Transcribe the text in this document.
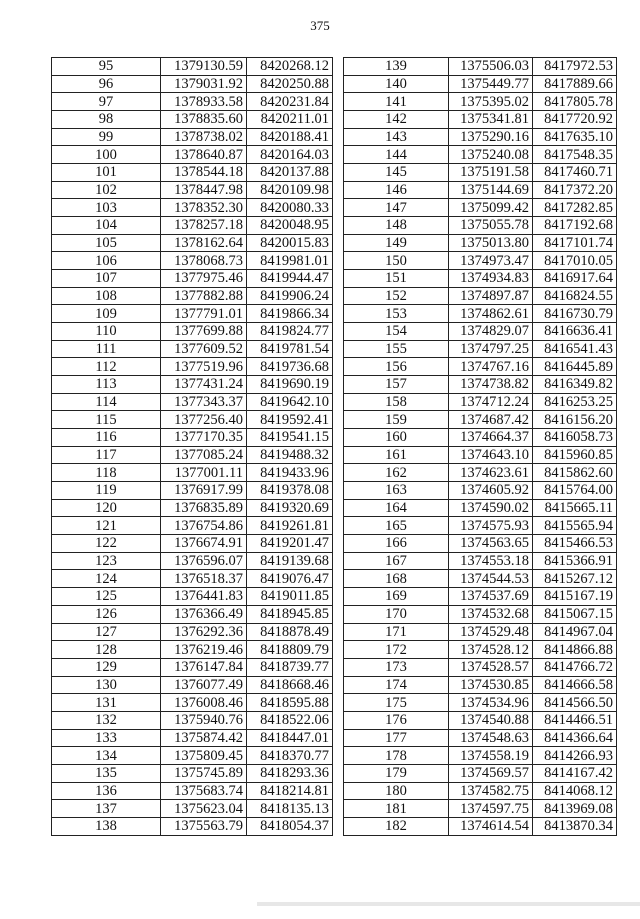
375
95	1379130.59	8420268.12
96	1379031.92	8420250.88
97	1378933.58	8420231.84
98	1378835.60	8420211.01
99	1378738.02	8420188.41
100	1378640.87	8420164.03
101	1378544.18	8420137.88
102	1378447.98	8420109.98
103	1378352.30	8420080.33
104	1378257.18	8420048.95
105	1378162.64	8420015.83
106	1378068.73	8419981.01
107	1377975.46	8419944.47
108	1377882.88	8419906.24
109	1377791.01	8419866.34
110	1377699.88	8419824.77
111	1377609.52	8419781.54
112	1377519.96	8419736.68
113	1377431.24	8419690.19
114	1377343.37	8419642.10
115	1377256.40	8419592.41
116	1377170.35	8419541.15
117	1377085.24	8419488.32
118	1377001.11	8419433.96
119	1376917.99	8419378.08
120	1376835.89	8419320.69
121	1376754.86	8419261.81
122	1376674.91	8419201.47
123	1376596.07	8419139.68
124	1376518.37	8419076.47
125	1376441.83	8419011.85
126	1376366.49	8418945.85
127	1376292.36	8418878.49
128	1376219.46	8418809.79
129	1376147.84	8418739.77
130	1376077.49	8418668.46
131	1376008.46	8418595.88
132	1375940.76	8418522.06
133	1375874.42	8418447.01
134	1375809.45	8418370.77
135	1375745.89	8418293.36
136	1375683.74	8418214.81
137	1375623.04	8418135.13
138	1375563.79	8418054.37
139	1375506.03	8417972.53
140	1375449.77	8417889.66
141	1375395.02	8417805.78
142	1375341.81	8417720.92
143	1375290.16	8417635.10
144	1375240.08	8417548.35
145	1375191.58	8417460.71
146	1375144.69	8417372.20
147	1375099.42	8417282.85
148	1375055.78	8417192.68
149	1375013.80	8417101.74
150	1374973.47	8417010.05
151	1374934.83	8416917.64
152	1374897.87	8416824.55
153	1374862.61	8416730.79
154	1374829.07	8416636.41
155	1374797.25	8416541.43
156	1374767.16	8416445.89
157	1374738.82	8416349.82
158	1374712.24	8416253.25
159	1374687.42	8416156.20
160	1374664.37	8416058.73
161	1374643.10	8415960.85
162	1374623.61	8415862.60
163	1374605.92	8415764.00
164	1374590.02	8415665.11
165	1374575.93	8415565.94
166	1374563.65	8415466.53
167	1374553.18	8415366.91
168	1374544.53	8415267.12
169	1374537.69	8415167.19
170	1374532.68	8415067.15
171	1374529.48	8414967.04
172	1374528.12	8414866.88
173	1374528.57	8414766.72
174	1374530.85	8414666.58
175	1374534.96	8414566.50
176	1374540.88	8414466.51
177	1374548.63	8414366.64
178	1374558.19	8414266.93
179	1374569.57	8414167.42
180	1374582.75	8414068.12
181	1374597.75	8413969.08
182	1374614.54	8413870.34
